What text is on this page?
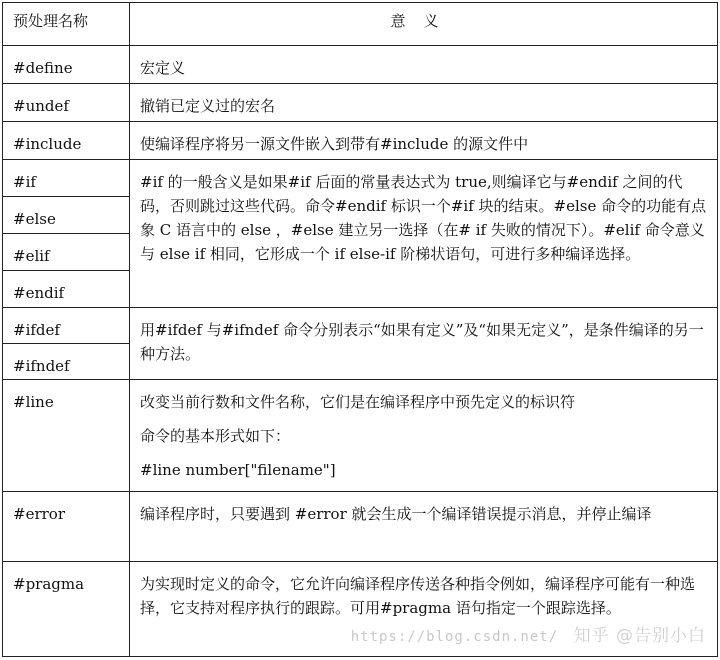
预处理名称	意义
#define	宏定义
#undef	撤销已定义过的宏名
#include	使编译程序将另一源文件嵌入到带有#include 的源文件中
#if	#if 的一般含义是如果#if 后面的常量表达式为 true,则编译它与#endif 之间的代码，否则跳过这些代码。命令#endif 标识一个#if 块的结束。#else 命令的功能有点象 C 语言中的 else ，#else 建立另一选择（在# if 失败的情况下）。#elif 命令意义与 else if 相同，它形成一个 if else-if 阶梯状语句，可进行多种编译选择。
#else	
#elif	
#endif	
#ifdef	用#ifdef 与#ifndef 命令分别表示“如果有定义”及“如果无定义”，是条件编译的另一种方法。
#ifndef	
#line	改变当前行数和文件名称，它们是在编译程序中预先定义的标识符

命令的基本形式如下：

#line number["filename"]

#error	编译程序时，只要遇到 #error 就会生成一个编译错误提示消息，并停止编译
#pragma	为实现时定义的命令，它允许向编译程序传送各种指令例如，编译程序可能有一种选择，它支持对程序执行的跟踪。可用#pragma 语句指定一个跟踪选择。
https://blog.csdn.net/ 知乎 @告别小白
